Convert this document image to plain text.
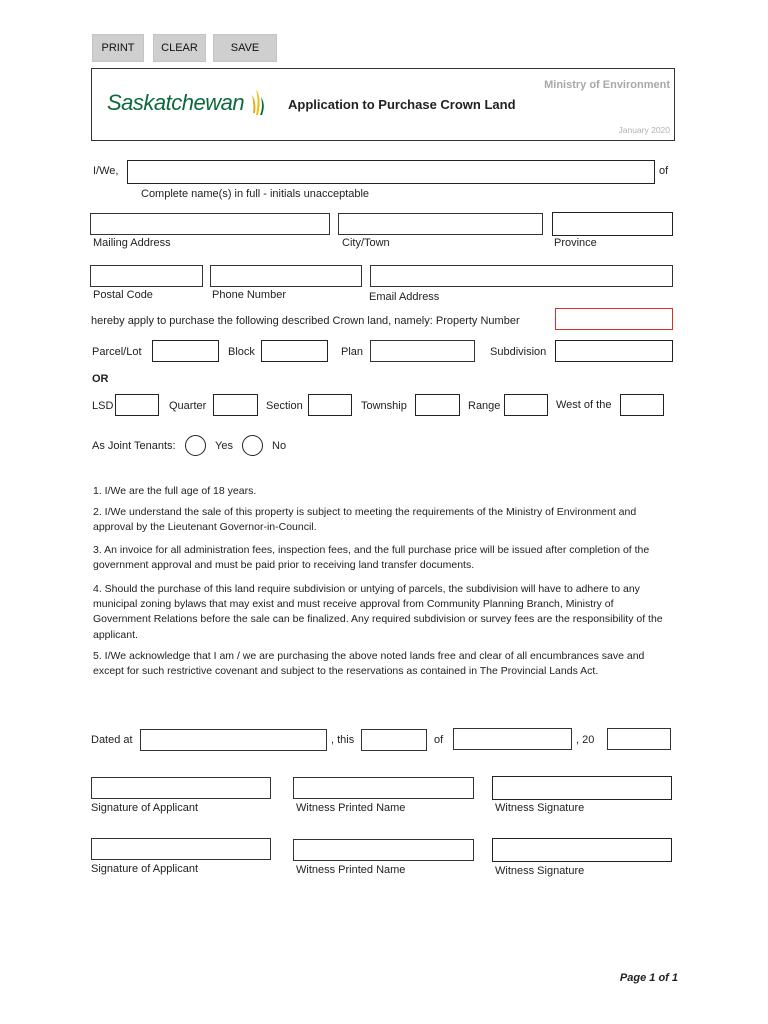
PRINT	CLEAR	SAVE
Saskatchewan	Application to Purchase Crown Land
Ministry of Environment
January 2020
I/We,	of
Complete name(s) in full - initials unacceptable
Mailing Address	City/Town	Province
Postal Code	Phone Number	Email Address
hereby apply to purchase the following described Crown land, namely: Property Number
Parcel/Lot	Block	Plan	Subdivision
OR
LSD	Quarter	Section	Township	Range	West of the
As Joint Tenants:	Yes	No
1. I/We are the full age of 18 years.
2. I/We understand the sale of this property is subject to meeting the requirements of the Ministry of Environment and approval by the Lieutenant Governor-in-Council.
3. An invoice for all administration fees, inspection fees, and the full purchase price will be issued after completion of the government approval and must be paid prior to receiving land transfer documents.
4. Should the purchase of this land require subdivision or untying of parcels, the subdivision will have to adhere to any municipal zoning bylaws that may exist and must receive approval from Community Planning Branch, Ministry of Government Relations before the sale can be finalized. Any required subdivision or survey fees are the responsibility of the applicant.
5. I/We acknowledge that I am / we are purchasing the above noted lands free and clear of all encumbrances save and except for such restrictive covenant and subject to the reservations as contained in The Provincial Lands Act.
Dated at	, this	of	, 20
Signature of Applicant	Witness Printed Name	Witness Signature
Signature of Applicant	Witness Printed Name	Witness Signature
Page 1 of 1
